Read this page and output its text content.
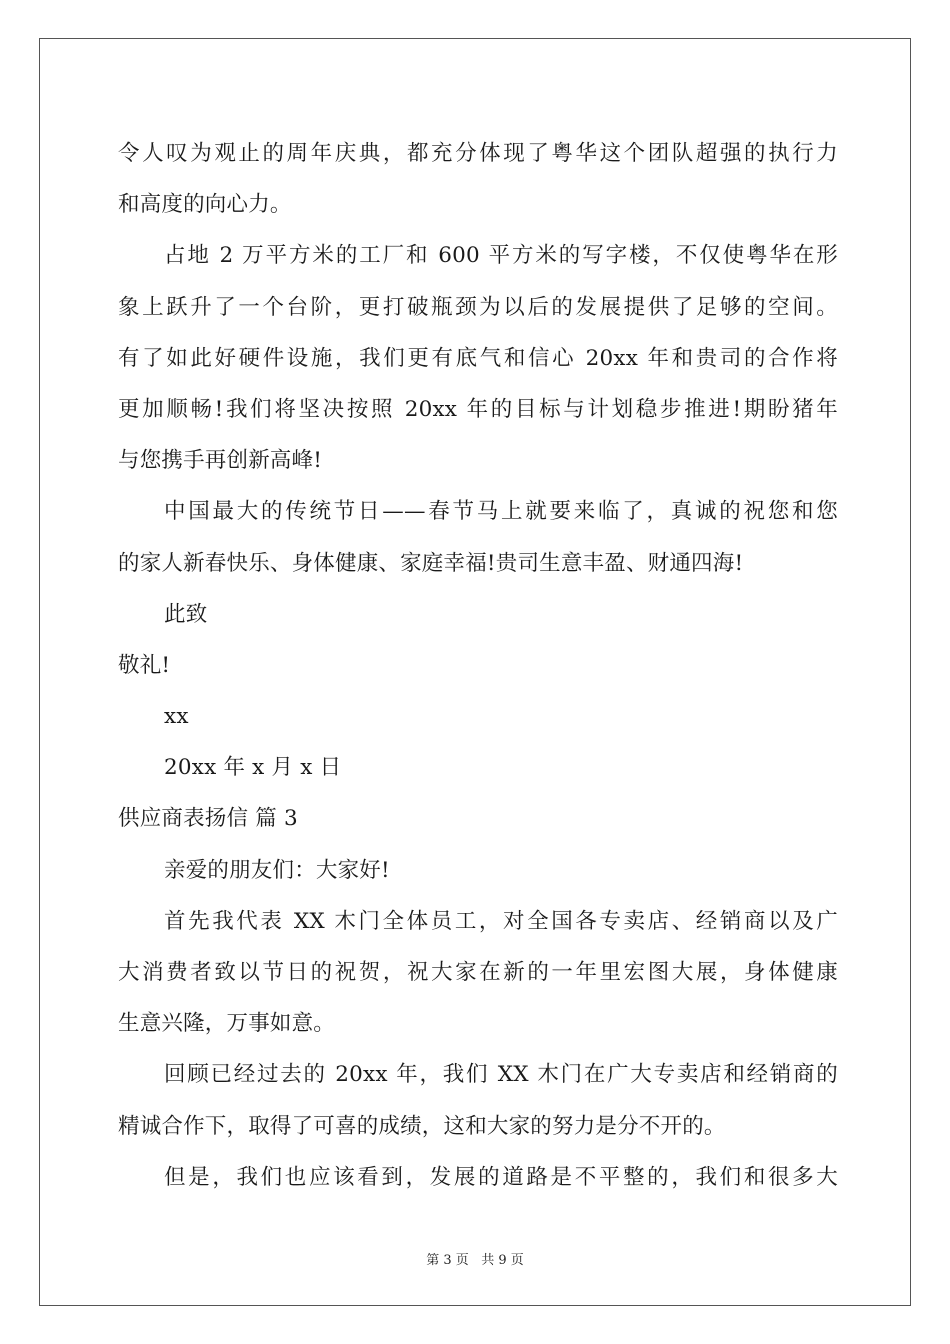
令人叹为观止的周年庆典，都充分体现了粤华这个团队超强的执行力
和高度的向心力。
占地 2 万平方米的工厂和 600 平方米的写字楼，不仅使粤华在形
象上跃升了一个台阶，更打破瓶颈为以后的发展提供了足够的空间。
有了如此好硬件设施，我们更有底气和信心 20xx 年和贵司的合作将
更加顺畅!我们将坚决按照 20xx 年的目标与计划稳步推进!期盼猪年
与您携手再创新高峰!
中国最大的传统节日——春节马上就要来临了，真诚的祝您和您
的家人新春快乐、身体健康、家庭幸福!贵司生意丰盈、财通四海!
此致
敬礼!
xx
20xx 年 x 月 x 日
供应商表扬信 篇 3
亲爱的朋友们：大家好!
首先我代表 XX 木门全体员工，对全国各专卖店、经销商以及广
大消费者致以节日的祝贺，祝大家在新的一年里宏图大展，身体健康
生意兴隆，万事如意。
回顾已经过去的 20xx 年，我们 XX 木门在广大专卖店和经销商的
精诚合作下，取得了可喜的成绩，这和大家的努力是分不开的。
但是，我们也应该看到，发展的道路是不平整的，我们和很多大
第 3 页   共 9 页
